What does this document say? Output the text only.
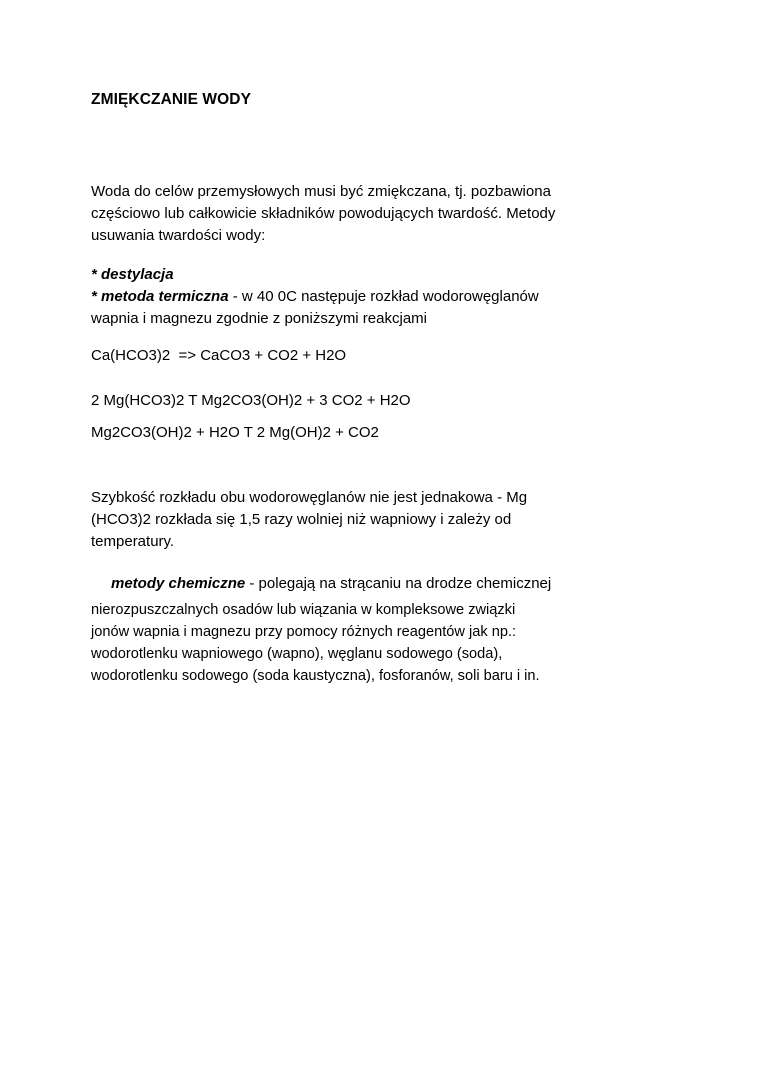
ZMIĘKCZANIE WODY

Woda do celów przemysłowych musi być zmiękczana, tj. pozbawiona
częściowo lub całkowicie składników powodujących twardość. Metody
usuwania twardości wody:

* destylacja
* metoda termiczna - w 40 0C następuje rozkład wodorowęglanów
wapnia i magnezu zgodnie z poniższymi reakcjami

Ca(HCO3)2  => CaCO3 + CO2 + H2O

2 Mg(HCO3)2 T Mg2CO3(OH)2 + 3 CO2 + H2O

Mg2CO3(OH)2 + H2O T 2 Mg(OH)2 + CO2

Szybkość rozkładu obu wodorowęglanów nie jest jednakowa - Mg
(HCO3)2 rozkłada się 1,5 razy wolniej niż wapniowy i zależy od
temperatury.

metody chemiczne - polegają na strącaniu na drodze chemicznej

nierozpuszczalnych osadów lub wiązania w kompleksowe związki
jonów wapnia i magnezu przy pomocy różnych reagentów jak np.:
wodorotlenku wapniowego (wapno), węglanu sodowego (soda),
wodorotlenku sodowego (soda kaustyczna), fosforanów, soli baru i in.
